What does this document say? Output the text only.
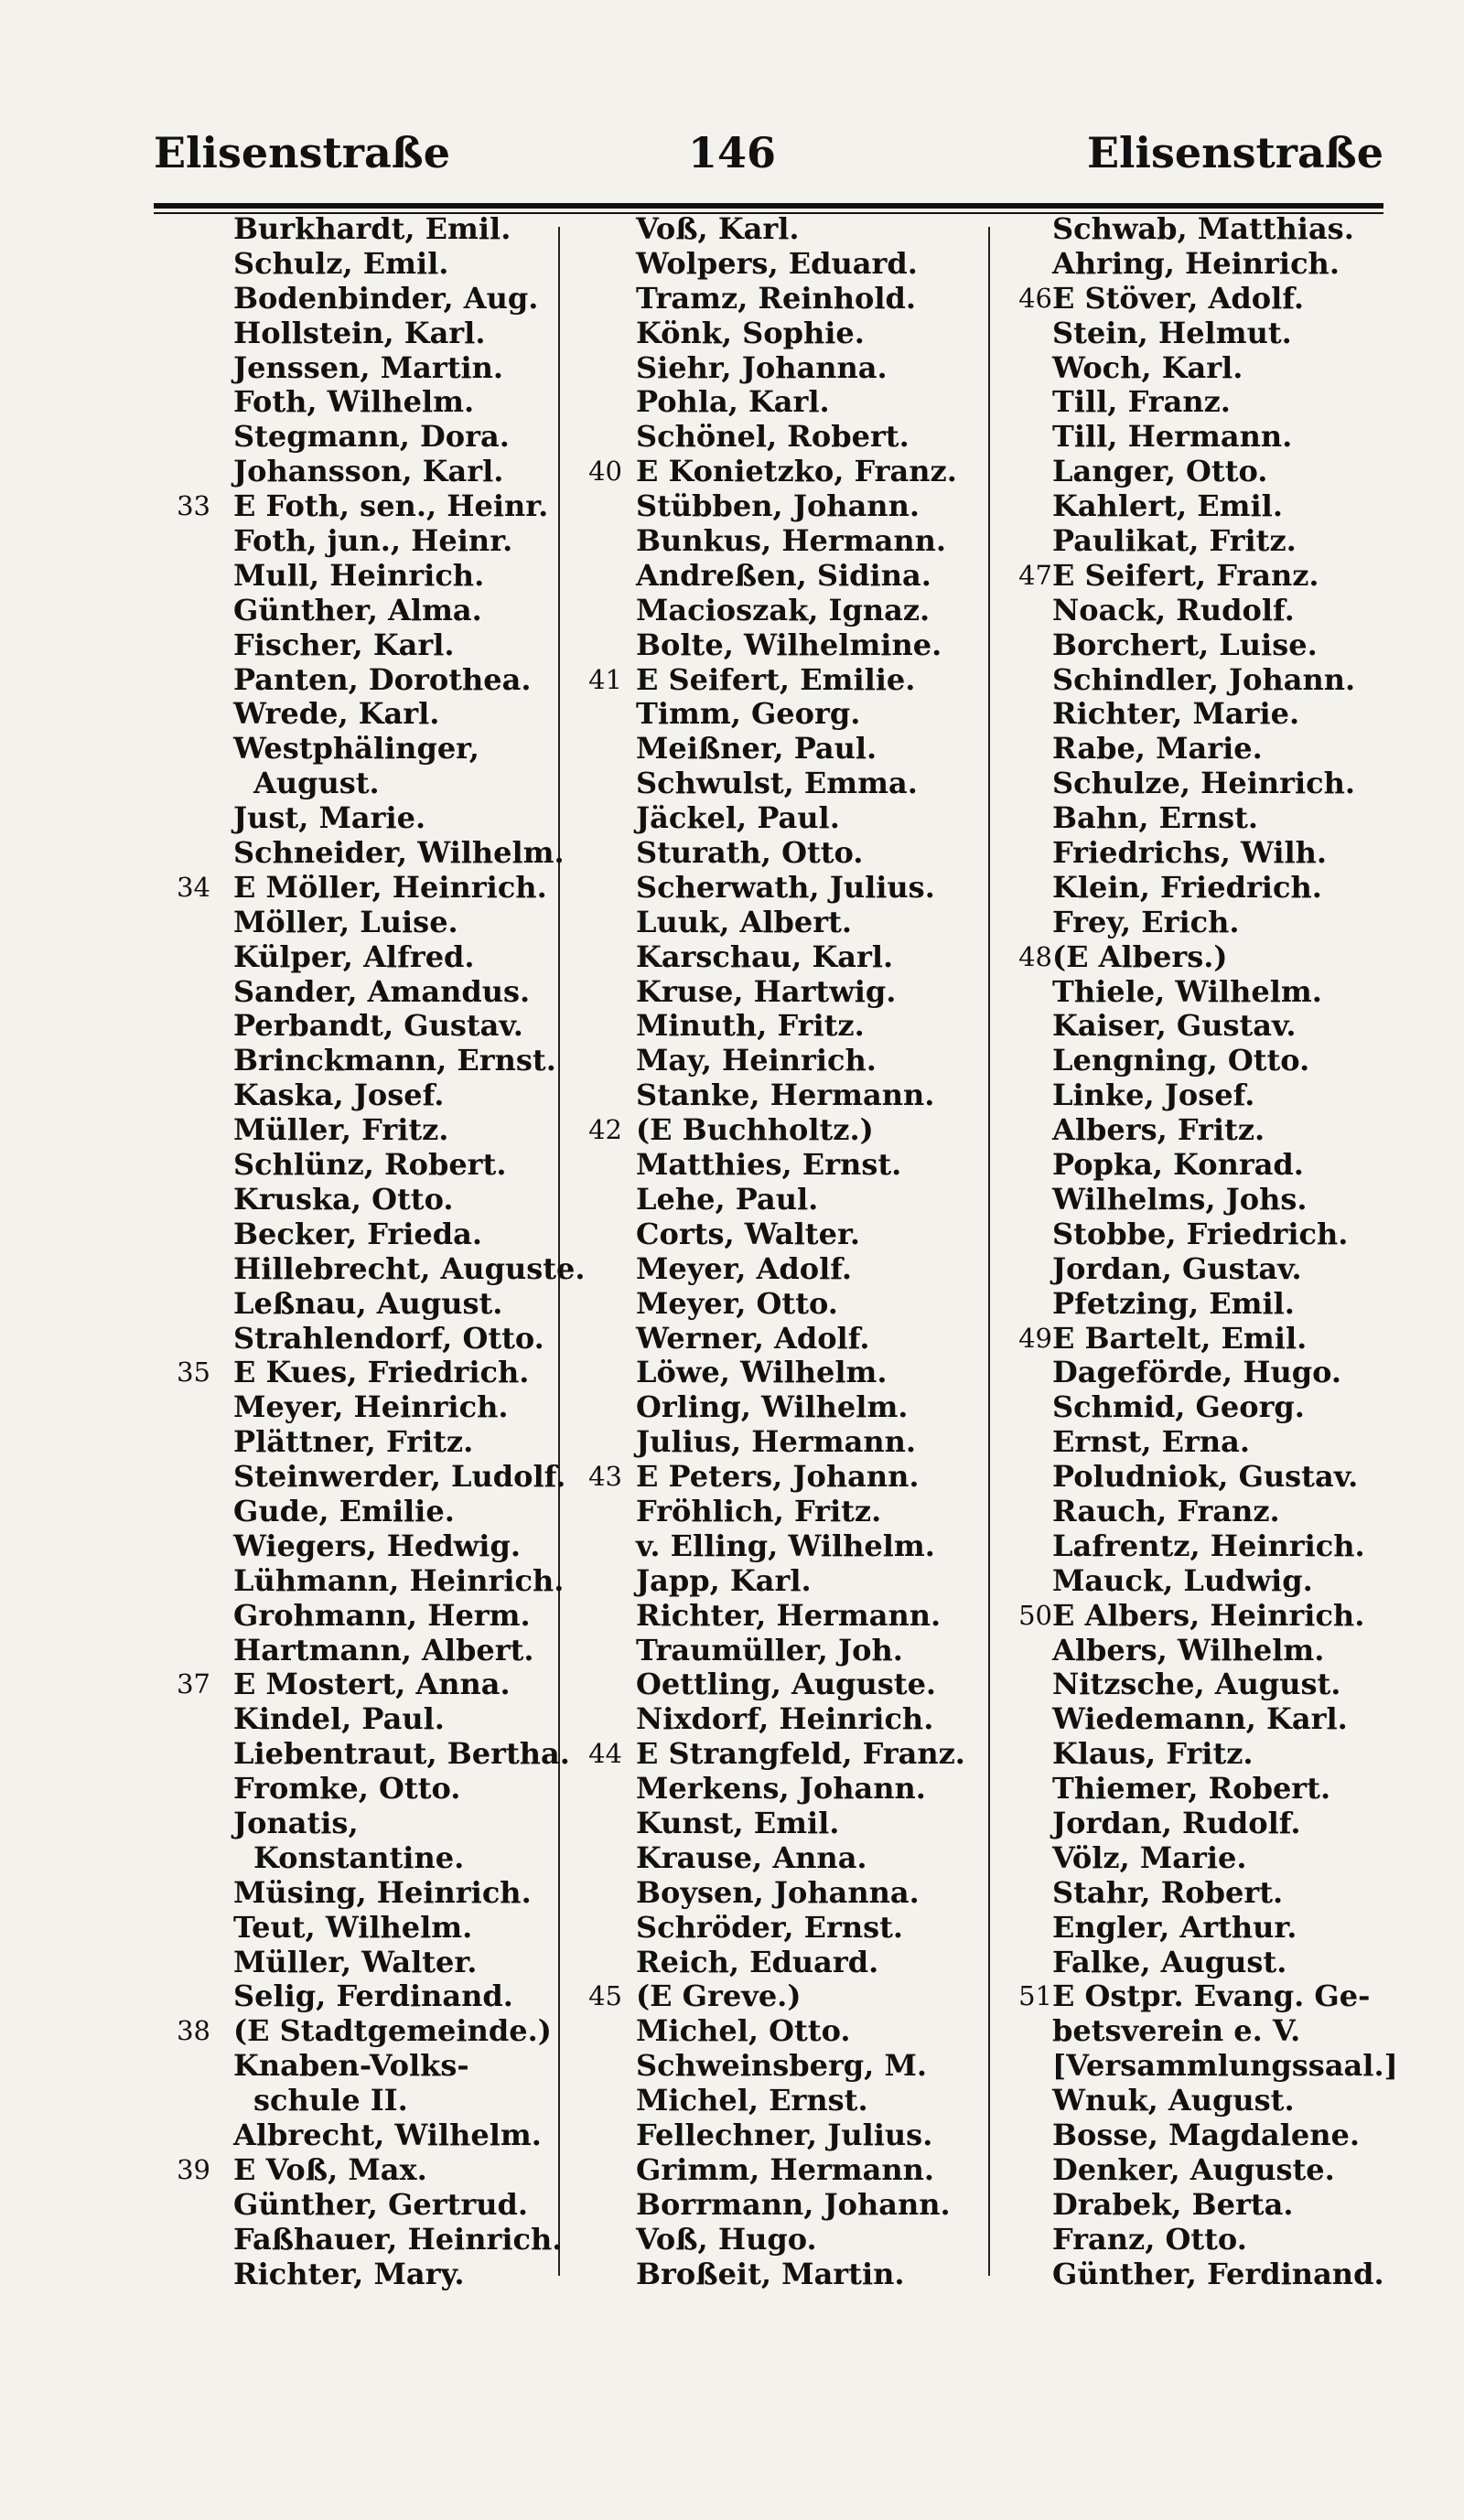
Elisenstraße	146	Elisenstraße
Burkhardt, Emil.
Schulz, Emil.
Bodenbinder, Aug.
Hollstein, Karl.
Jenssen, Martin.
Foth, Wilhelm.
Stegmann, Dora.
Johansson, Karl.
33 E Foth, sen., Heinr.
Foth, jun., Heinr.
Mull, Heinrich.
Günther, Alma.
Fischer, Karl.
Panten, Dorothea.
Wrede, Karl.
Westphälinger,
August.
Just, Marie.
Schneider, Wilhelm.
34 E Möller, Heinrich.
Möller, Luise.
Külper, Alfred.
Sander, Amandus.
Perbandt, Gustav.
Brinckmann, Ernst.
Kaska, Josef.
Müller, Fritz.
Schlünz, Robert.
Kruska, Otto.
Becker, Frieda.
Hillebrecht, Auguste.
Leßnau, August.
Strahlendorf, Otto.
35 E Kues, Friedrich.
Meyer, Heinrich.
Plättner, Fritz.
Steinwerder, Ludolf.
Gude, Emilie.
Wiegers, Hedwig.
Lühmann, Heinrich.
Grohmann, Herm.
Hartmann, Albert.
37 E Mostert, Anna.
Kindel, Paul.
Liebentraut, Bertha.
Fromke, Otto.
Jonatis,
Konstantine.
Müsing, Heinrich.
Teut, Wilhelm.
Müller, Walter.
Selig, Ferdinand.
38 (E Stadtgemeinde.)
Knaben-Volks-
schule II.
Albrecht, Wilhelm.
39 E Voß, Max.
Günther, Gertrud.
Faßhauer, Heinrich.
Richter, Mary.
Voß, Karl.
Wolpers, Eduard.
Tramz, Reinhold.
Könk, Sophie.
Siehr, Johanna.
Pohla, Karl.
Schönel, Robert.
40 E Konietzko, Franz.
Stübben, Johann.
Bunkus, Hermann.
Andreßen, Sidina.
Macioszak, Ignaz.
Bolte, Wilhelmine.
41 E Seifert, Emilie.
Timm, Georg.
Meißner, Paul.
Schwulst, Emma.
Jäckel, Paul.
Sturath, Otto.
Scherwath, Julius.
Luuk, Albert.
Karschau, Karl.
Kruse, Hartwig.
Minuth, Fritz.
May, Heinrich.
Stanke, Hermann.
42 (E Buchholtz.)
Matthies, Ernst.
Lehe, Paul.
Corts, Walter.
Meyer, Adolf.
Meyer, Otto.
Werner, Adolf.
Löwe, Wilhelm.
Orling, Wilhelm.
Julius, Hermann.
43 E Peters, Johann.
Fröhlich, Fritz.
v. Elling, Wilhelm.
Japp, Karl.
Richter, Hermann.
Traumüller, Joh.
Oettling, Auguste.
Nixdorf, Heinrich.
44 E Strangfeld, Franz.
Merkens, Johann.
Kunst, Emil.
Krause, Anna.
Boysen, Johanna.
Schröder, Ernst.
Reich, Eduard.
45 (E Greve.)
Michel, Otto.
Schweinsberg, M.
Michel, Ernst.
Fellechner, Julius.
Grimm, Hermann.
Borrmann, Johann.
Voß, Hugo.
Broßeit, Martin.
Schwab, Matthias.
Ahring, Heinrich.
46 E Stöver, Adolf.
Stein, Helmut.
Woch, Karl.
Till, Franz.
Till, Hermann.
Langer, Otto.
Kahlert, Emil.
Paulikat, Fritz.
47 E Seifert, Franz.
Noack, Rudolf.
Borchert, Luise.
Schindler, Johann.
Richter, Marie.
Rabe, Marie.
Schulze, Heinrich.
Bahn, Ernst.
Friedrichs, Wilh.
Klein, Friedrich.
Frey, Erich.
48 (E Albers.)
Thiele, Wilhelm.
Kaiser, Gustav.
Lengning, Otto.
Linke, Josef.
Albers, Fritz.
Popka, Konrad.
Wilhelms, Johs.
Stobbe, Friedrich.
Jordan, Gustav.
Pfetzing, Emil.
49 E Bartelt, Emil.
Dageförde, Hugo.
Schmid, Georg.
Ernst, Erna.
Poludniok, Gustav.
Rauch, Franz.
Lafrentz, Heinrich.
Mauck, Ludwig.
50 E Albers, Heinrich.
Albers, Wilhelm.
Nitzsche, August.
Wiedemann, Karl.
Klaus, Fritz.
Thiemer, Robert.
Jordan, Rudolf.
Völz, Marie.
Stahr, Robert.
Engler, Arthur.
Falke, August.
51 E Ostpr. Evang. Ge-
betsverein e. V.
[Versammlungssaal.]
Wnuk, August.
Bosse, Magdalene.
Denker, Auguste.
Drabek, Berta.
Franz, Otto.
Günther, Ferdinand.
